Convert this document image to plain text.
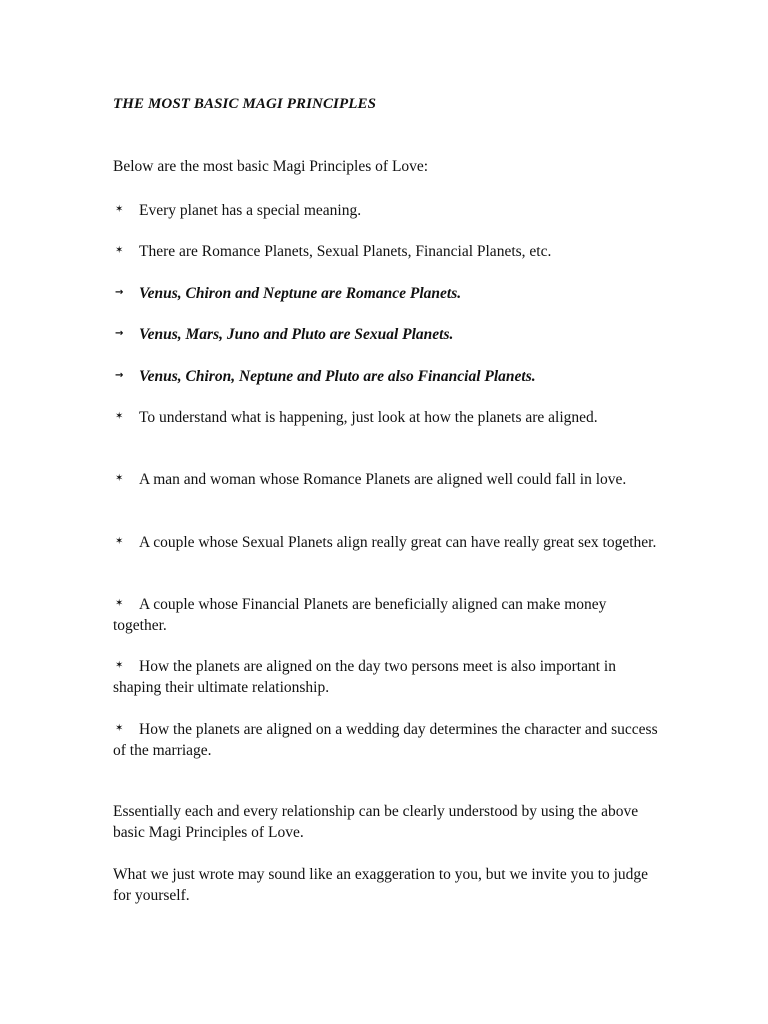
THE MOST BASIC MAGI PRINCIPLES

Below are the most basic Magi Principles of Love:

✶ Every planet has a special meaning.

✶ There are Romance Planets, Sexual Planets, Financial Planets, etc.

→ Venus, Chiron and Neptune are Romance Planets.

→ Venus, Mars, Juno and Pluto are Sexual Planets.

→ Venus, Chiron, Neptune and Pluto are also Financial Planets.

✶ To understand what is happening, just look at how the planets are aligned.

✶ A man and woman whose Romance Planets are aligned well could fall in love.

✶ A couple whose Sexual Planets align really great can have really great sex together.

✶ A couple whose Financial Planets are beneficially aligned can make money together.

✶ How the planets are aligned on the day two persons meet is also important in shaping their ultimate relationship.

✶ How the planets are aligned on a wedding day determines the character and success of the marriage.

Essentially each and every relationship can be clearly understood by using the above basic Magi Principles of Love.

What we just wrote may sound like an exaggeration to you, but we invite you to judge for yourself.
